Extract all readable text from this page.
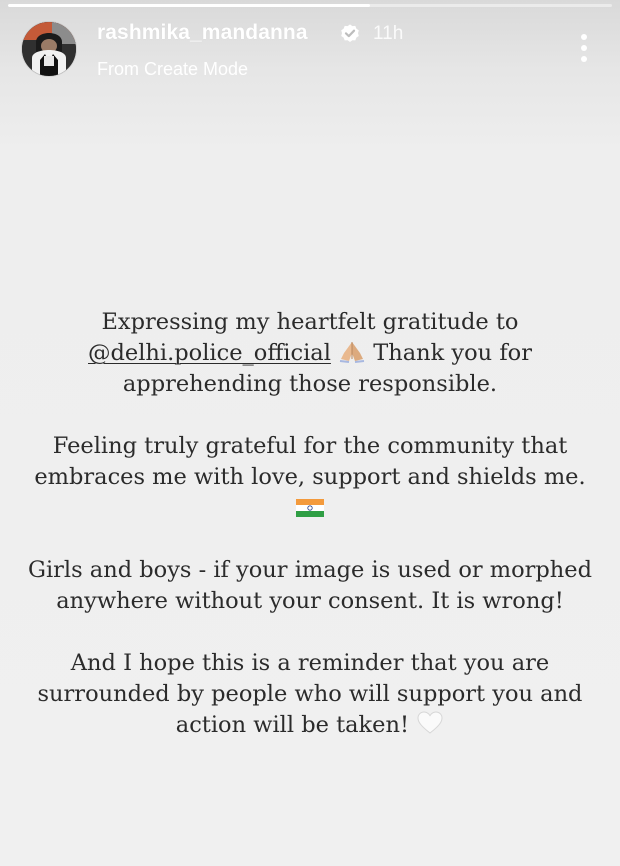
rashmika_mandanna	11h
From Create Mode

Expressing my heartfelt gratitude to
@delhi.police_official Thank you for apprehending those responsible.

Feeling truly grateful for the community that embraces me with love, support and shields me.

Girls and boys - if your image is used or morphed anywhere without your consent. It is wrong!

And I hope this is a reminder that you are surrounded by people who will support you and action will be taken!
